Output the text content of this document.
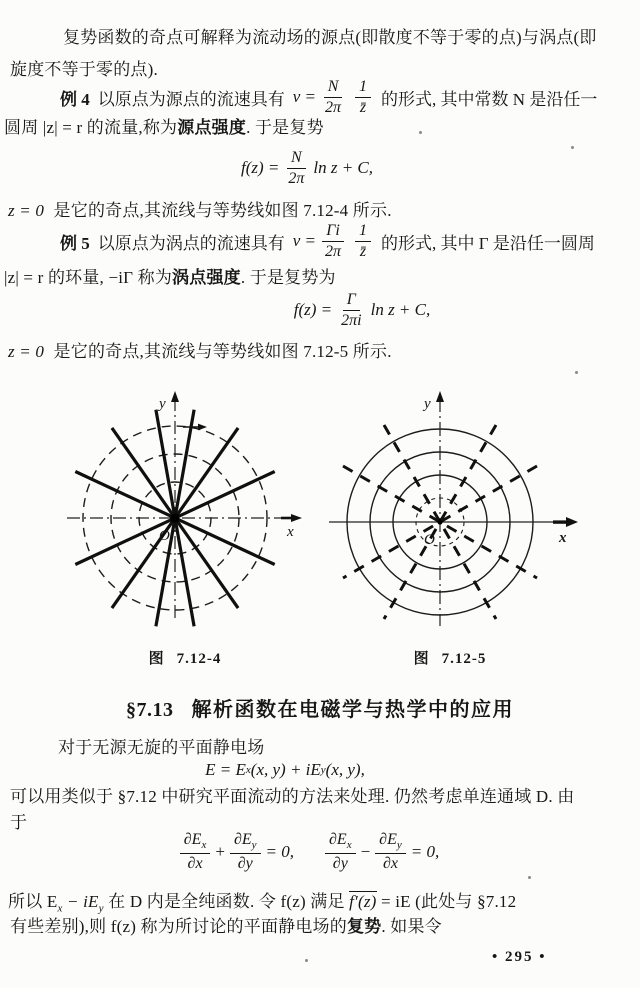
复势函数的奇点可解释为流动场的源点(即散度不等于零的点)与涡点(即
旋度不等于零的点).
例 4 以原点为源点的流速具有 $v = \frac{N}{2\pi} \frac{1}{z̄}$ 的形式, 其中常数 N 是沿任一
圆周 |z| = r 的流量,称为源点强度. 于是复势
$f(z) = \frac{N}{2\pi}$ ln z + C,
z = 0 是它的奇点,其流线与等势线如图 7.12-4 所示.
例 5 以原点为涡点的流速具有 $v = \frac{\Gamma i}{2\pi} \frac{1}{z̄}$ 的形式, 其中 Γ 是沿任一圆周
|z| = r 的环量, −iΓ 称为涡点强度. 于是复势为
$f(z) = \frac{\Gamma}{2\pi i}$ ln z + C,
z = 0 是它的奇点,其流线与等势线如图 7.12-5 所示.
y
x
O
y
x
O
图 7.12-4	图 7.12-5
§7.13 解析函数在电磁学与热学中的应用
对于无源无旋的平面静电场
E = E x (x, y) + iE y (x, y),
可以用类似于 §7.12 中研究平面流动的方法来处理. 仍然考虑单连通域 D. 由
于
$\frac{\partial E_x}{\partial x} + \frac{\partial E_y}{\partial y} = 0$, $\frac{\partial E_x}{\partial y} - \frac{\partial E_y}{\partial x} = 0$,
所以 $E_x - iE_y$ 在 D 内是全纯函数. 令 f(z) 满足 f′(z) = iE (此处与 §7.12
有些差别),则 f(z) 称为所讨论的平面静电场的复势. 如果令
• 295 •
